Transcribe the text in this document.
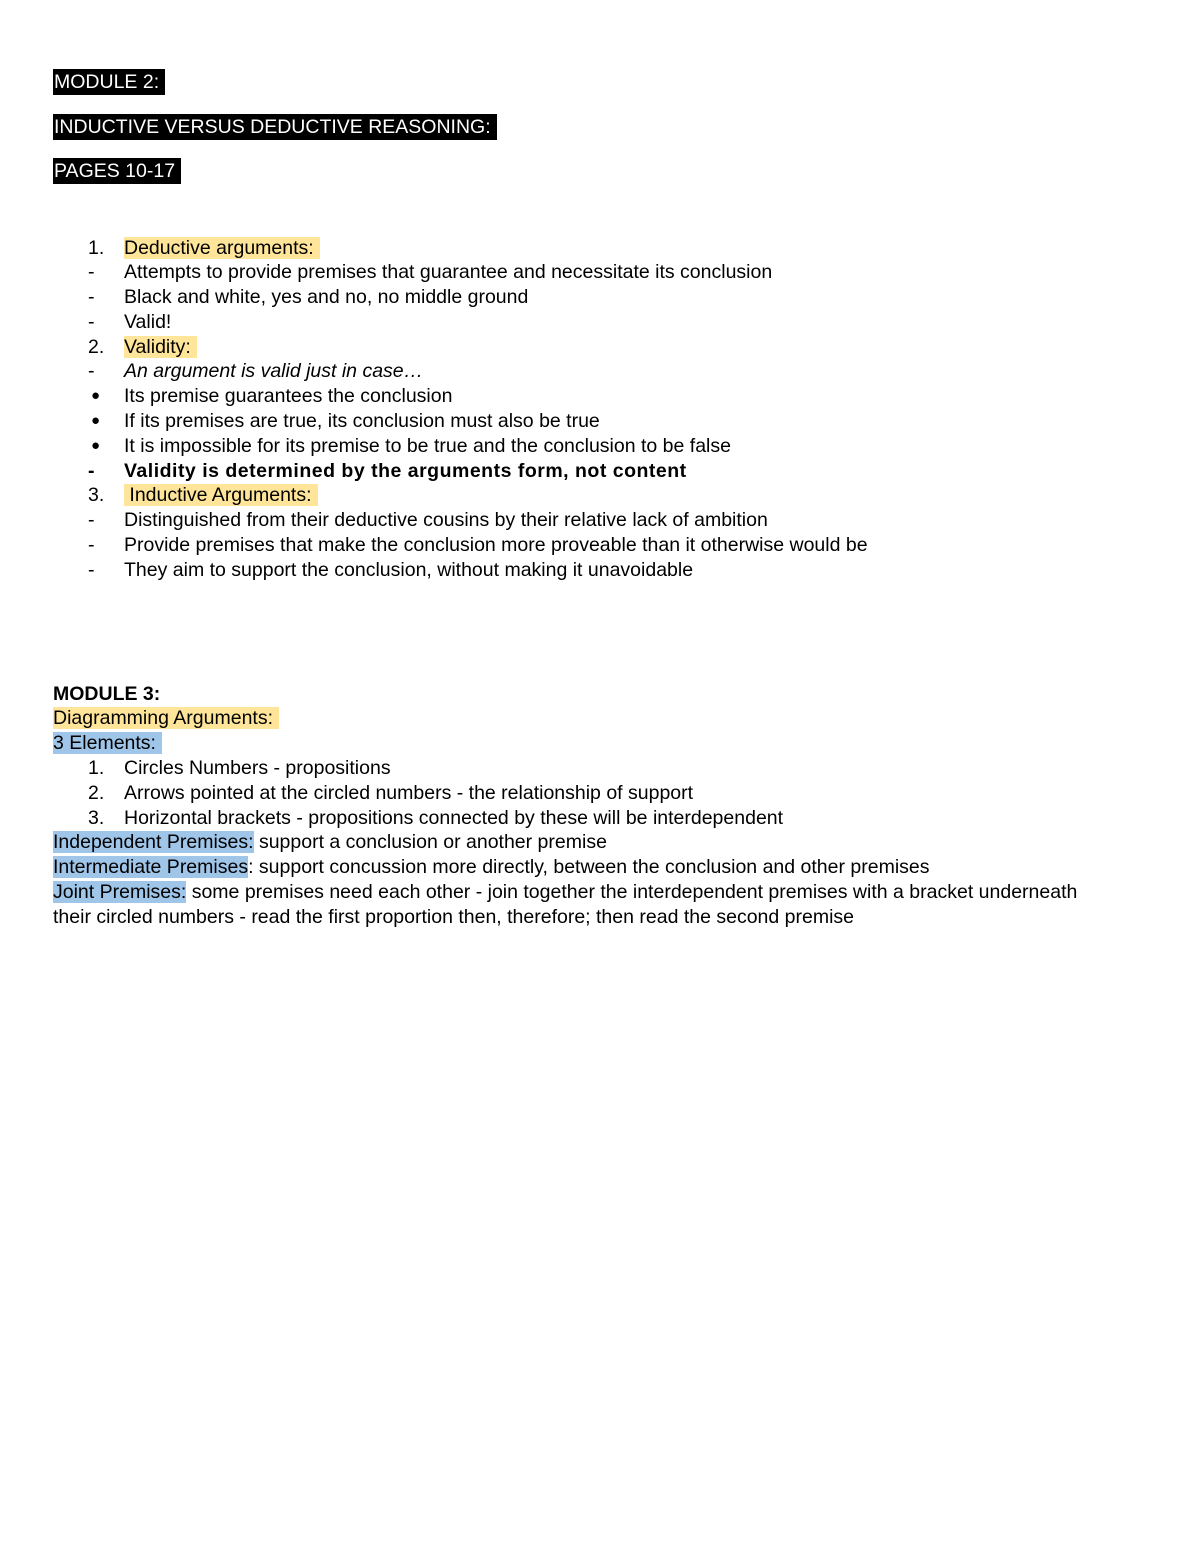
MODULE 2:
INDUCTIVE VERSUS DEDUCTIVE REASONING:
PAGES 10-17
1.	Deductive arguments:
-	Attempts to provide premises that guarantee and necessitate its conclusion
-	Black and white, yes and no, no middle ground
-	Valid!
2.	Validity:
-	An argument is valid just in case…
●	Its premise guarantees the conclusion
●	If its premises are true, its conclusion must also be true
●	It is impossible for its premise to be true and the conclusion to be false
-	Validity is determined by the arguments form, not content
3.	Inductive Arguments:
-	Distinguished from their deductive cousins by their relative lack of ambition
-	Provide premises that make the conclusion more proveable than it otherwise would be
-	They aim to support the conclusion, without making it unavoidable
MODULE 3:
Diagramming Arguments:
3 Elements:
1.	Circles Numbers - propositions
2.	Arrows pointed at the circled numbers - the relationship of support
3.	Horizontal brackets - propositions connected by these will be interdependent
Independent Premises: support a conclusion or another premise
Intermediate Premises: support concussion more directly, between the conclusion and other premises
Joint Premises: some premises need each other - join together the interdependent premises with a bracket underneath their circled numbers - read the first proportion then, therefore; then read the second premise
